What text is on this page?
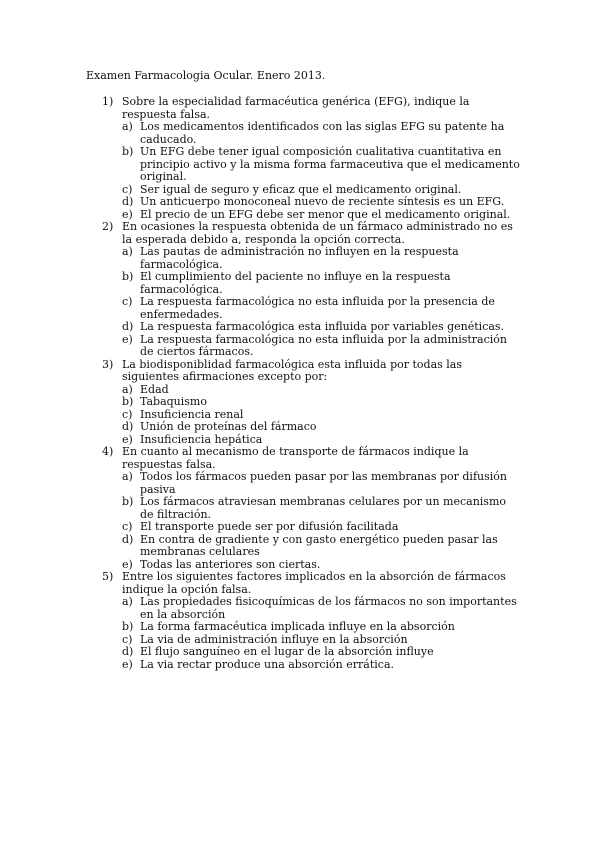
Examen Farmacologia Ocular. Enero 2013.
1) Sobre la especialidad farmacéutica genérica (EFG), indique la respuesta falsa.
a) Los medicamentos identificados con las siglas EFG su patente ha caducado.
b) Un EFG debe tener igual composición cualitativa cuantitativa en principio activo y la misma forma farmaceutiva que el medicamento original.
c) Ser igual de seguro y eficaz que el medicamento original.
d) Un anticuerpo monoconeal nuevo de reciente síntesis es un EFG.
e) El precio de un EFG debe ser menor que el medicamento original.
2) En ocasiones la respuesta obtenida de un fármaco administrado no es la esperada debido a, responda la opción correcta.
a) Las pautas de administración no influyen en la respuesta farmacológica.
b) El cumplimiento del paciente no influye en la respuesta farmacológica.
c) La respuesta farmacológica no esta influida por la presencia de enfermedades.
d) La respuesta farmacológica esta influida por variables genéticas.
e) La respuesta farmacológica no esta influida por la administración de ciertos fármacos.
3) La biodisponiblidad farmacológica esta influida por todas las siguientes afirmaciones excepto por:
a) Edad
b) Tabaquismo
c) Insuficiencia renal
d) Unión de proteínas del fármaco
e) Insuficiencia hepática
4) En cuanto al mecanismo de transporte de fármacos indique la respuestas falsa.
a) Todos los fármacos pueden pasar por las membranas por difusión pasiva
b) Los fármacos atraviesan membranas celulares por un mecanismo de filtración.
c) El transporte puede ser por difusión facilitada
d) En contra de gradiente y con gasto energético pueden pasar las membranas celulares
e) Todas las anteriores son ciertas.
5) Entre los siguientes factores implicados en la absorción de fármacos indique la opción falsa.
a) Las propiedades fisicoquímicas de los fármacos no son importantes en la absorción
b) La forma farmacéutica implicada influye en la absorción
c) La via de administración influye en la absorción
d) El flujo sanguíneo en el lugar de la absorción influye
e) La via rectar produce una absorción errática.
